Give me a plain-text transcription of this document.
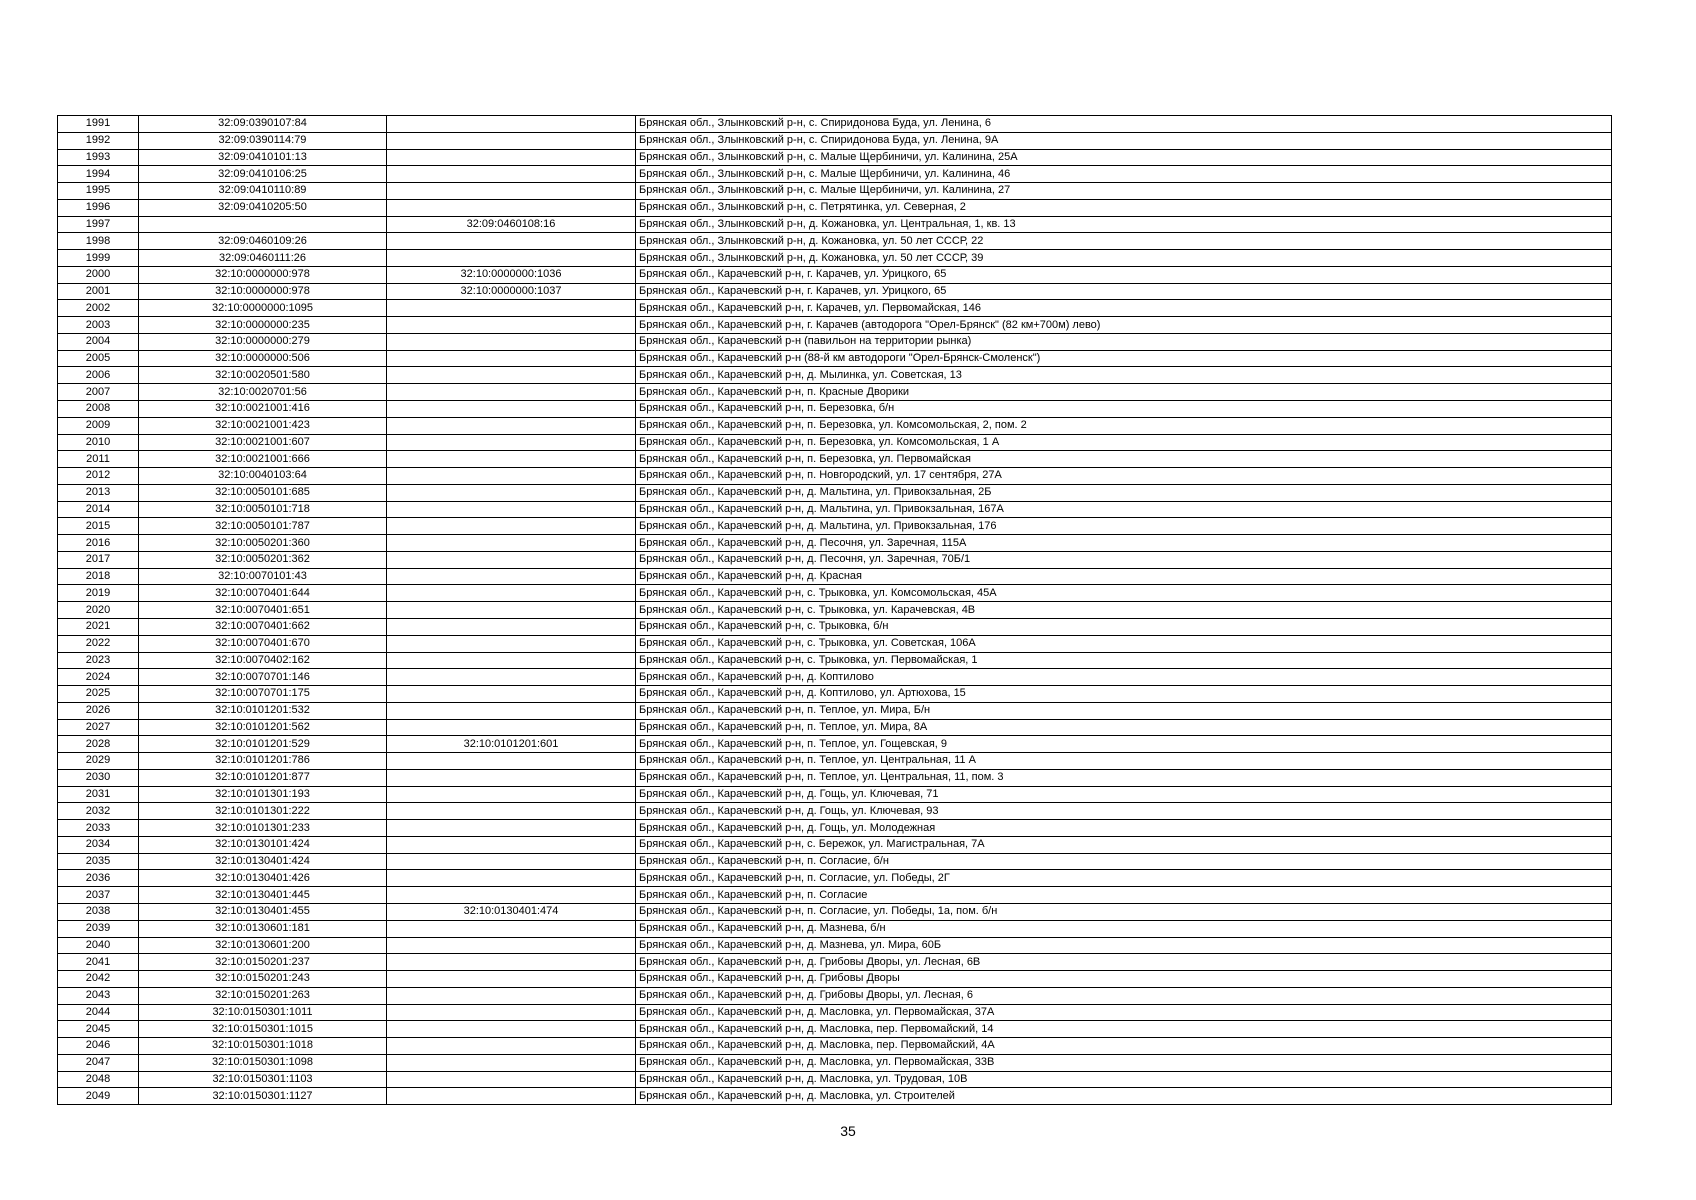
1991	32:09:0390107:84		Брянская обл., Злынковский р-н, с. Спиридонова Буда, ул. Ленина, 6
1992	32:09:0390114:79		Брянская обл., Злынковский р-н, с. Спиридонова Буда, ул. Ленина, 9А
1993	32:09:0410101:13		Брянская обл., Злынковский р-н, с. Малые Щербиничи, ул. Калинина, 25А
1994	32:09:0410106:25		Брянская обл., Злынковский р-н, с. Малые Щербиничи, ул. Калинина, 46
1995	32:09:0410110:89		Брянская обл., Злынковский р-н, с. Малые Щербиничи, ул. Калинина, 27
1996	32:09:0410205:50		Брянская обл., Злынковский р-н, с. Петрятинка, ул. Северная, 2
1997		32:09:0460108:16	Брянская обл., Злынковский р-н, д. Кожановка, ул. Центральная, 1, кв. 13
1998	32:09:0460109:26		Брянская обл., Злынковский р-н, д. Кожановка, ул. 50 лет СССР, 22
1999	32:09:0460111:26		Брянская обл., Злынковский р-н, д. Кожановка, ул. 50 лет СССР, 39
2000	32:10:0000000:978	32:10:0000000:1036	Брянская обл., Карачевский р-н, г. Карачев, ул. Урицкого, 65
2001	32:10:0000000:978	32:10:0000000:1037	Брянская обл., Карачевский р-н, г. Карачев, ул. Урицкого, 65
2002	32:10:0000000:1095		Брянская обл., Карачевский р-н, г. Карачев, ул. Первомайская, 146
2003	32:10:0000000:235		Брянская обл., Карачевский р-н, г. Карачев (автодорога "Орел-Брянск" (82 км+700м) лево)
2004	32:10:0000000:279		Брянская обл., Карачевский р-н (павильон на территории рынка)
2005	32:10:0000000:506		Брянская обл., Карачевский р-н (88-й км автодороги "Орел-Брянск-Смоленск")
2006	32:10:0020501:580		Брянская обл., Карачевский р-н, д. Мылинка, ул. Советская, 13
2007	32:10:0020701:56		Брянская обл., Карачевский р-н, п. Красные Дворики
2008	32:10:0021001:416		Брянская обл., Карачевский р-н, п. Березовка, б/н
2009	32:10:0021001:423		Брянская обл., Карачевский р-н, п. Березовка, ул. Комсомольская, 2, пом. 2
2010	32:10:0021001:607		Брянская обл., Карачевский р-н, п. Березовка, ул. Комсомольская, 1 А
2011	32:10:0021001:666		Брянская обл., Карачевский р-н, п. Березовка, ул. Первомайская
2012	32:10:0040103:64		Брянская обл., Карачевский р-н, п. Новгородский, ул. 17 сентября, 27А
2013	32:10:0050101:685		Брянская обл., Карачевский р-н, д. Мальтина, ул. Привокзальная, 2Б
2014	32:10:0050101:718		Брянская обл., Карачевский р-н, д. Мальтина, ул. Привокзальная, 167А
2015	32:10:0050101:787		Брянская обл., Карачевский р-н, д. Мальтина, ул. Привокзальная, 176
2016	32:10:0050201:360		Брянская обл., Карачевский р-н, д. Песочня, ул. Заречная, 115А
2017	32:10:0050201:362		Брянская обл., Карачевский р-н, д. Песочня, ул. Заречная, 70Б/1
2018	32:10:0070101:43		Брянская обл., Карачевский р-н, д. Красная
2019	32:10:0070401:644		Брянская обл., Карачевский р-н, с. Трыковка, ул. Комсомольская, 45А
2020	32:10:0070401:651		Брянская обл., Карачевский р-н, с. Трыковка, ул. Карачевская, 4В
2021	32:10:0070401:662		Брянская обл., Карачевский р-н, с. Трыковка, б/н
2022	32:10:0070401:670		Брянская обл., Карачевский р-н, с. Трыковка, ул. Советская, 106А
2023	32:10:0070402:162		Брянская обл., Карачевский р-н, с. Трыковка, ул. Первомайская, 1
2024	32:10:0070701:146		Брянская обл., Карачевский р-н, д. Коптилово
2025	32:10:0070701:175		Брянская обл., Карачевский р-н, д. Коптилово, ул. Артюхова, 15
2026	32:10:0101201:532		Брянская обл., Карачевский р-н, п. Теплое, ул. Мира, Б/н
2027	32:10:0101201:562		Брянская обл., Карачевский р-н, п. Теплое, ул. Мира, 8А
2028	32:10:0101201:529	32:10:0101201:601	Брянская обл., Карачевский р-н, п. Теплое, ул. Гощевская, 9
2029	32:10:0101201:786		Брянская обл., Карачевский р-н, п. Теплое, ул. Центральная, 11 А
2030	32:10:0101201:877		Брянская обл., Карачевский р-н, п. Теплое, ул. Центральная, 11, пом. 3
2031	32:10:0101301:193		Брянская обл., Карачевский р-н, д. Гощь, ул. Ключевая, 71
2032	32:10:0101301:222		Брянская обл., Карачевский р-н, д. Гощь, ул. Ключевая, 93
2033	32:10:0101301:233		Брянская обл., Карачевский р-н, д. Гощь, ул. Молодежная
2034	32:10:0130101:424		Брянская обл., Карачевский р-н, с. Бережок, ул. Магистральная, 7А
2035	32:10:0130401:424		Брянская обл., Карачевский р-н, п. Согласие, б/н
2036	32:10:0130401:426		Брянская обл., Карачевский р-н, п. Согласие, ул. Победы, 2Г
2037	32:10:0130401:445		Брянская обл., Карачевский р-н, п. Согласие
2038	32:10:0130401:455	32:10:0130401:474	Брянская обл., Карачевский р-н, п. Согласие, ул. Победы, 1а, пом. б/н
2039	32:10:0130601:181		Брянская обл., Карачевский р-н, д. Мазнева, б/н
2040	32:10:0130601:200		Брянская обл., Карачевский р-н, д. Мазнева, ул. Мира, 60Б
2041	32:10:0150201:237		Брянская обл., Карачевский р-н, д. Грибовы Дворы, ул. Лесная, 6В
2042	32:10:0150201:243		Брянская обл., Карачевский р-н, д. Грибовы Дворы
2043	32:10:0150201:263		Брянская обл., Карачевский р-н, д. Грибовы Дворы, ул. Лесная, 6
2044	32:10:0150301:1011		Брянская обл., Карачевский р-н, д. Масловка, ул. Первомайская, 37А
2045	32:10:0150301:1015		Брянская обл., Карачевский р-н, д. Масловка, пер. Первомайский, 14
2046	32:10:0150301:1018		Брянская обл., Карачевский р-н, д. Масловка, пер. Первомайский, 4А
2047	32:10:0150301:1098		Брянская обл., Карачевский р-н, д. Масловка, ул. Первомайская, 33В
2048	32:10:0150301:1103		Брянская обл., Карачевский р-н, д. Масловка, ул. Трудовая, 10В
2049	32:10:0150301:1127		Брянская обл., Карачевский р-н, д. Масловка, ул. Строителей
35
